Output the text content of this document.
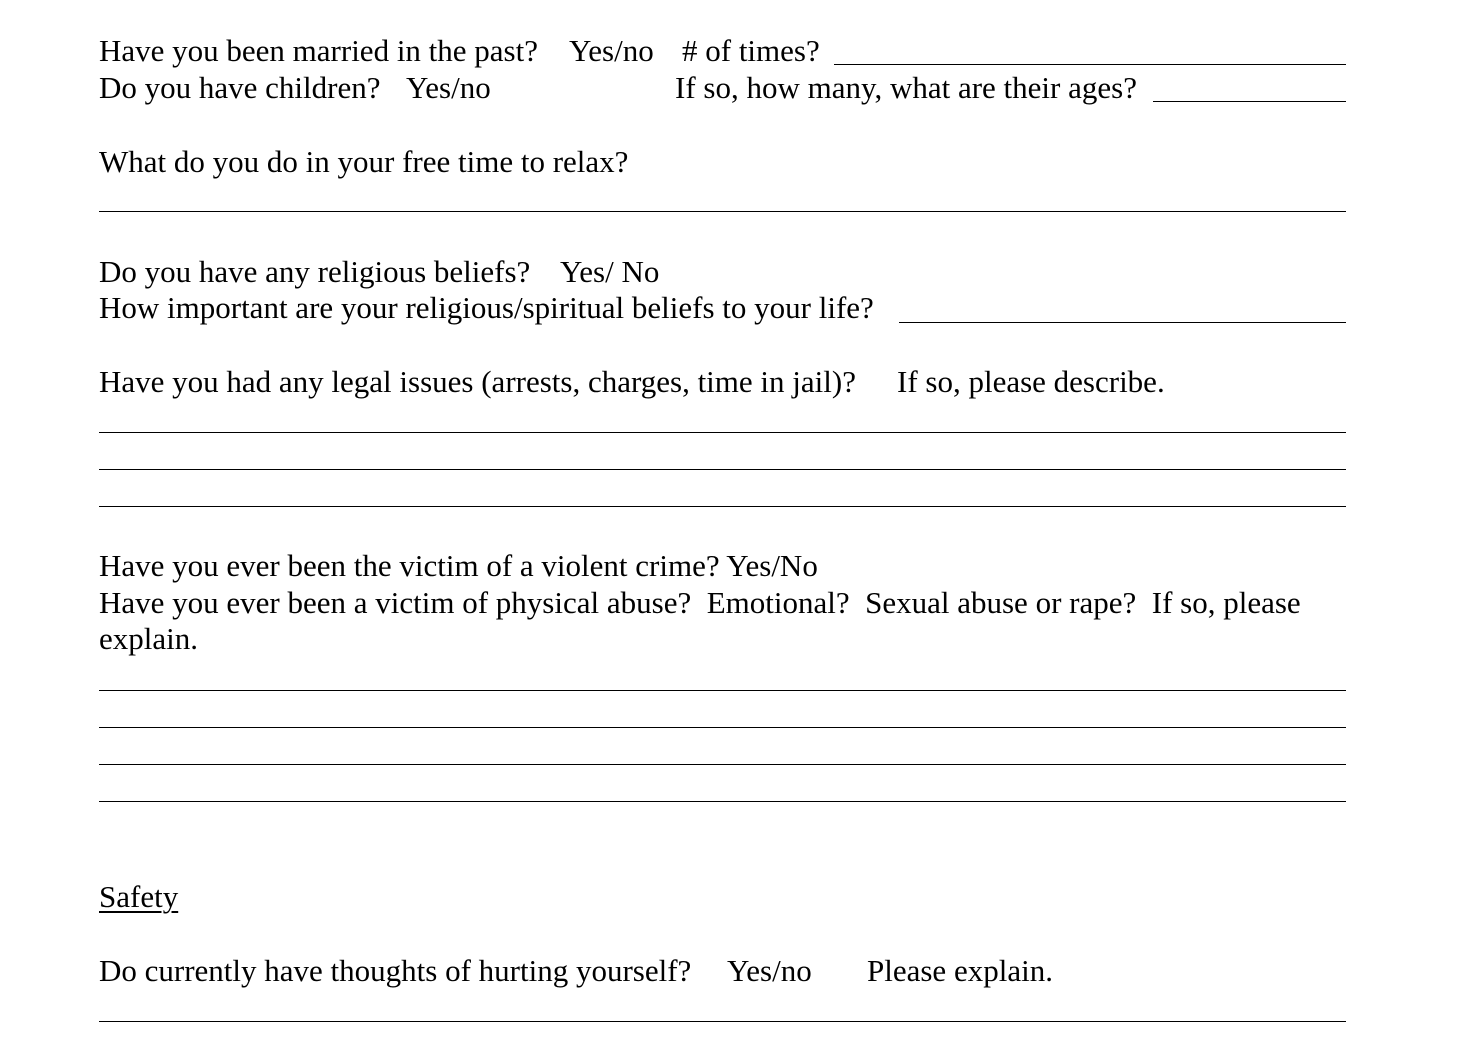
Have you been married in the past? Yes/no # of times?
Do you have children? Yes/no	If so, how many, what are their ages?
What do you do in your free time to relax?
Do you have any religious beliefs? Yes/ No
How important are your religious/spiritual beliefs to your life?
Have you had any legal issues (arrests, charges, time in jail)? If so, please describe.
Have you ever been the victim of a violent crime? Yes/No
Have you ever been a victim of physical abuse?  Emotional?  Sexual abuse or rape?  If so, please
explain.
Safety
Do currently have thoughts of hurting yourself? Yes/no Please explain.
